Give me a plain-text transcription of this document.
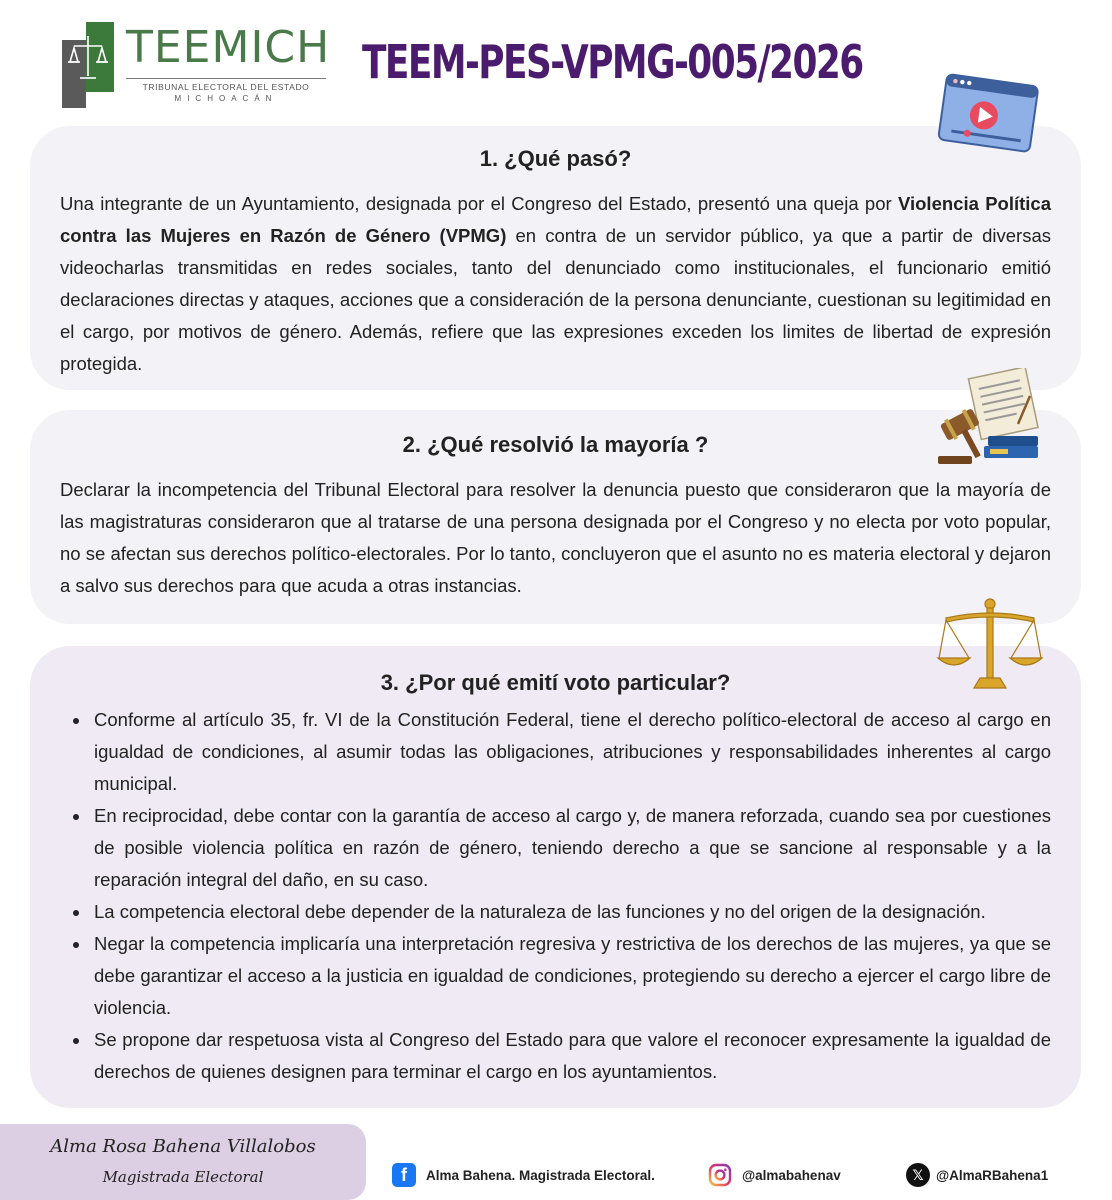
TEEMICH
TRIBUNAL ELECTORAL DEL ESTADO
MICHOACÁN
TEEM-PES-VPMG-005/2026
1. ¿Qué pasó?

Una integrante de un Ayuntamiento, designada por el Congreso del Estado, presentó una queja por Violencia Política contra las Mujeres en Razón de Género (VPMG) en contra de un servidor público, ya que a partir de diversas videocharlas transmitidas en redes sociales, tanto del denunciado como institucionales, el funcionario emitió declaraciones directas y ataques, acciones que a consideración de la persona denunciante, cuestionan su legitimidad en el cargo, por motivos de género. Además, refiere que las expresiones exceden los limites de libertad de expresión protegida.

2. ¿Qué resolvió la mayoría ?

Declarar la incompetencia del Tribunal Electoral para resolver la denuncia puesto que consideraron que la mayoría de las magistraturas consideraron que al tratarse de una persona designada por el Congreso y no electa por voto popular, no se afectan sus derechos político-electorales. Por lo tanto, concluyeron que el asunto no es materia electoral y dejaron a salvo sus derechos para que acuda a otras instancias.

3. ¿Por qué emití voto particular?
Conforme al artículo 35, fr. VI de la Constitución Federal, tiene el derecho político-electoral de acceso al cargo en igualdad de condiciones, al asumir todas las obligaciones, atribuciones y responsabilidades inherentes al cargo municipal.
En reciprocidad, debe contar con la garantía de acceso al cargo y, de manera reforzada, cuando sea por cuestiones de posible violencia política en razón de género, teniendo derecho a que se sancione al responsable y a la reparación integral del daño, en su caso.
La competencia electoral debe depender de la naturaleza de las funciones y no del origen de la designación.
Negar la competencia implicaría una interpretación regresiva y restrictiva de los derechos de las mujeres, ya que se debe garantizar el acceso a la justicia en igualdad de condiciones, protegiendo su derecho a ejercer el cargo libre de violencia.
Se propone dar respetuosa vista al Congreso del Estado para que valore el reconocer expresamente la igualdad de derechos de quienes designen para terminar el cargo en los ayuntamientos.
Alma Rosa Bahena Villalobos
Magistrada Electoral	f	Alma Bahena. Magistrada Electoral.	@almabahenav	𝕏 @AlmaRBahena1
